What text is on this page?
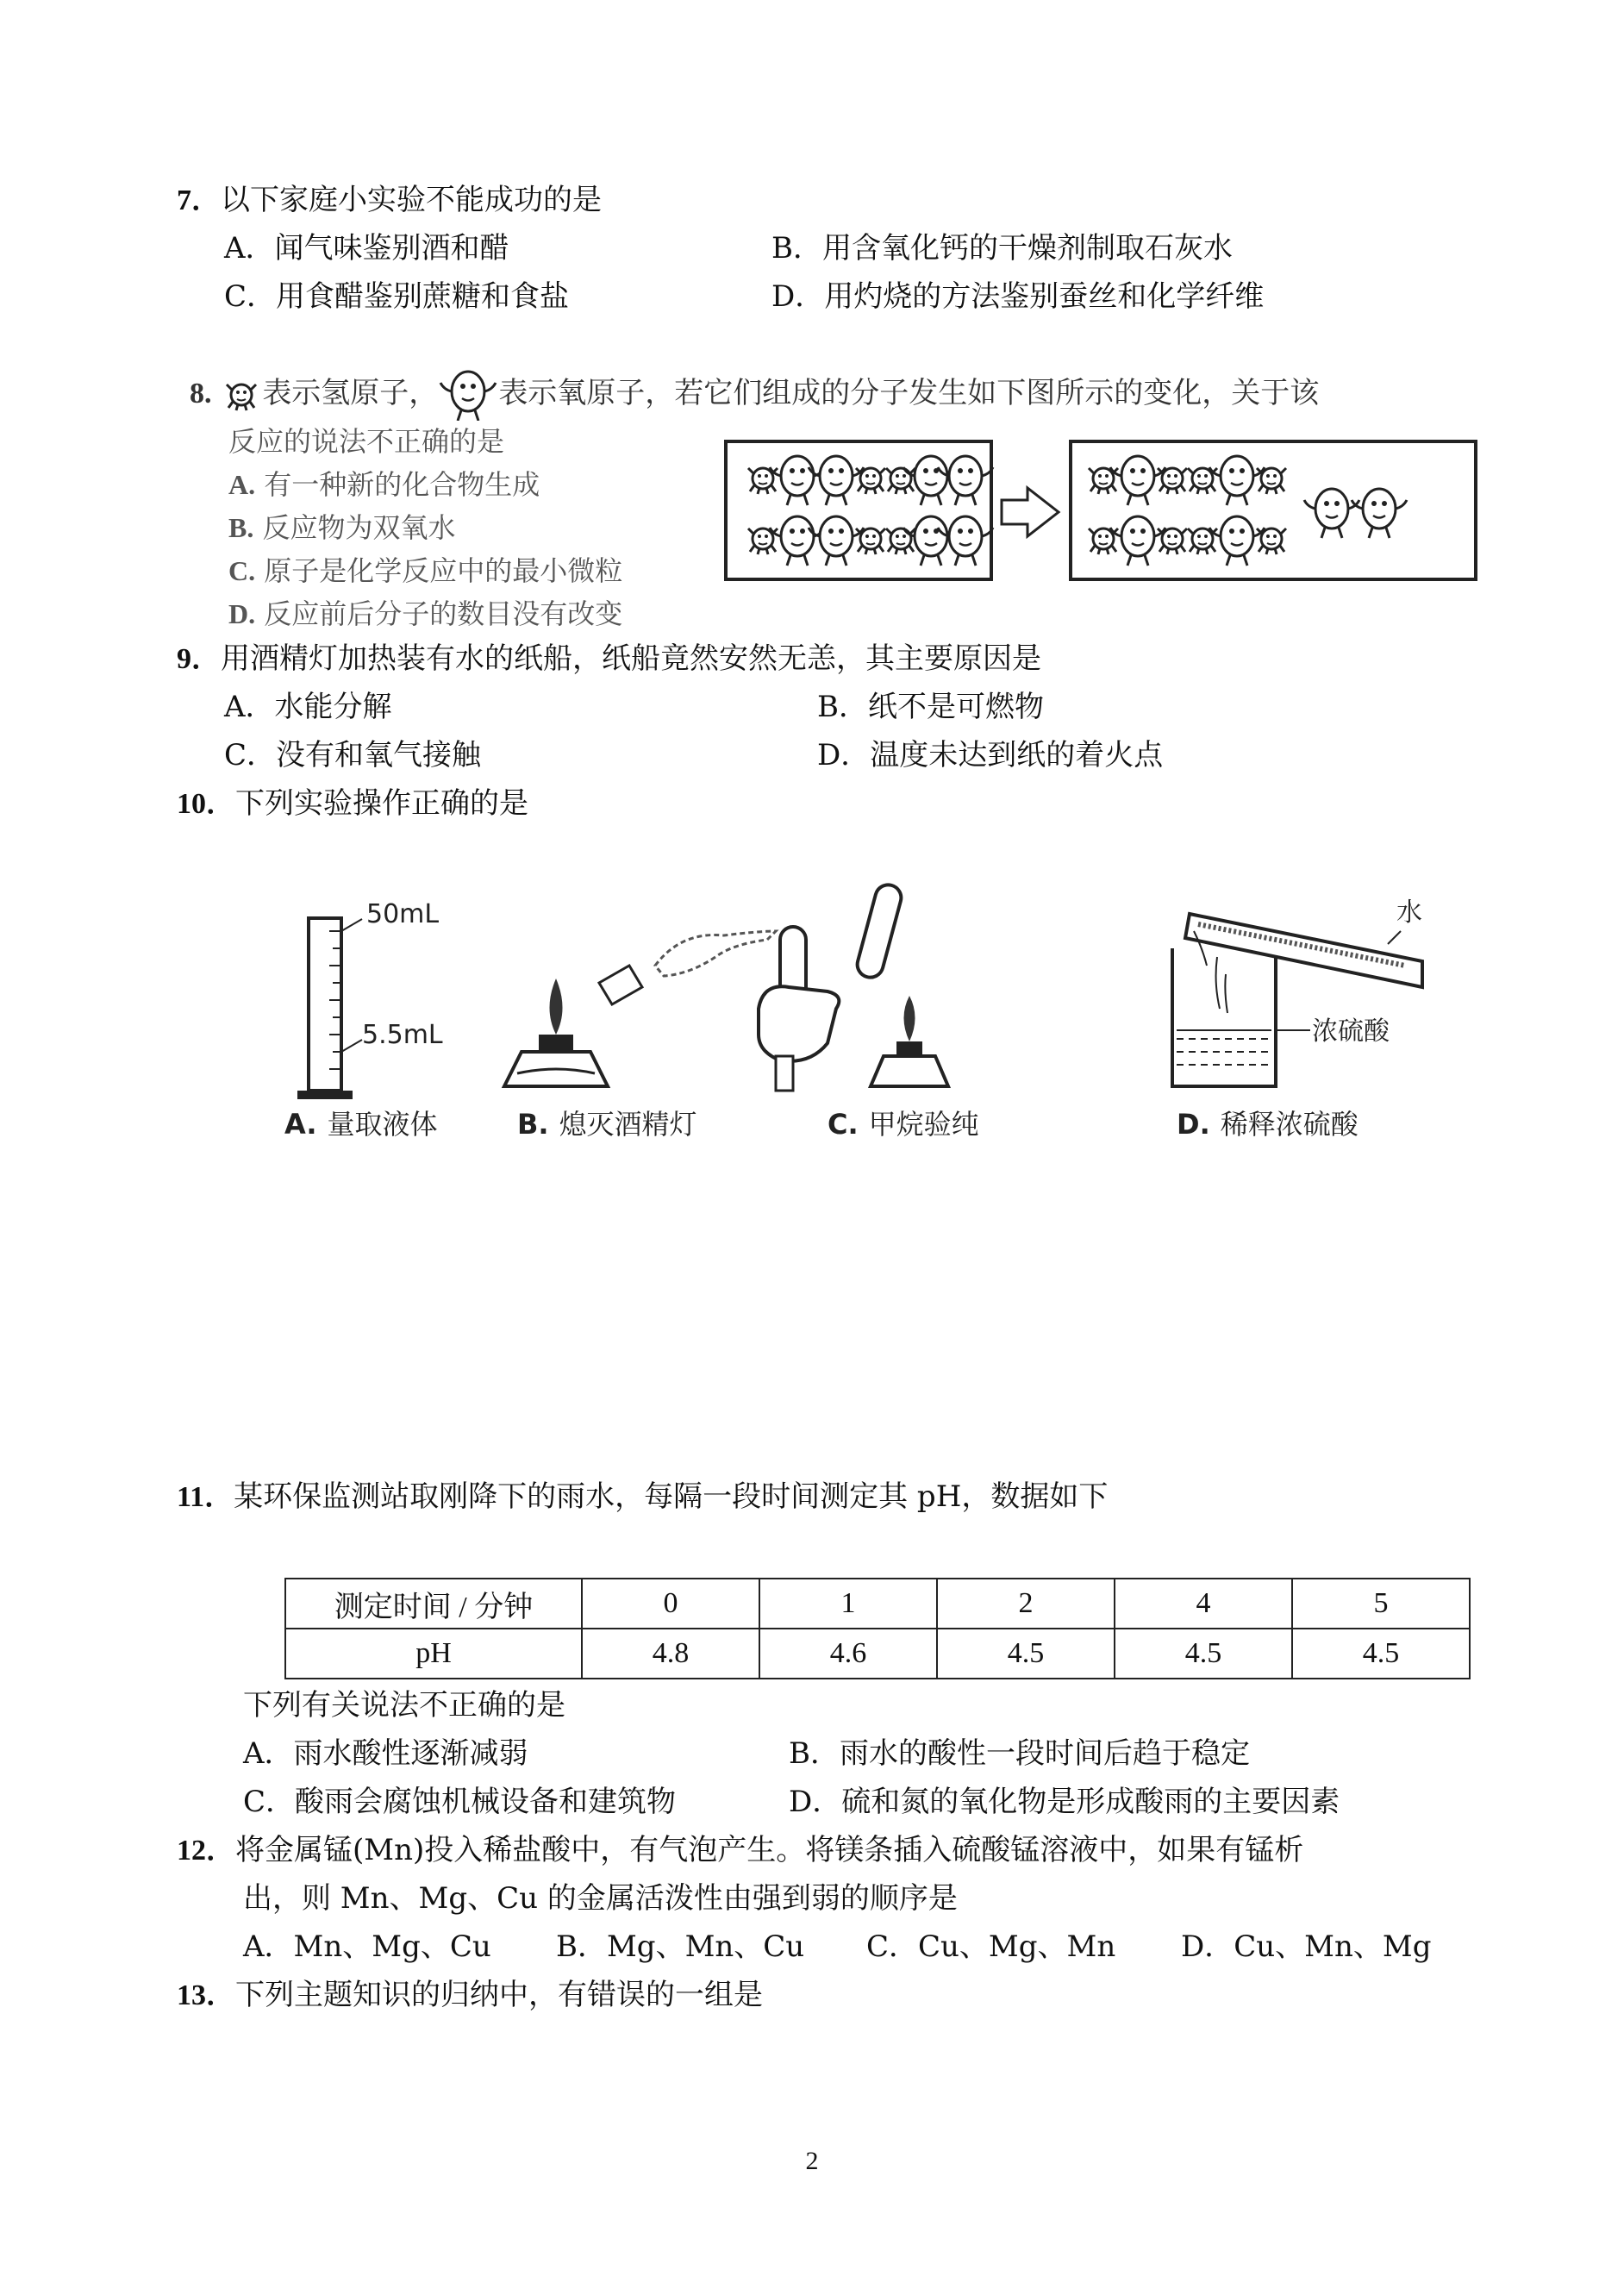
7．以下家庭小实验不能成功的是
A．闻气味鉴别酒和醋	B．用含氧化钙的干燥剂制取石灰水
C．用食醋鉴别蔗糖和食盐	D．用灼烧的方法鉴别蚕丝和化学纤维
8. 表示氢原子， 表示氧原子，若它们组成的分子发生如下图所示的变化，关于该
反应的说法不正确的是
A. 有一种新的化合物生成
B. 反应物为双氧水
C. 原子是化学反应中的最小微粒
D. 反应前后分子的数目没有改变
9．用酒精灯加热装有水的纸船，纸船竟然安然无恙，其主要原因是
A．水能分解	B．纸不是可燃物
C．没有和氧气接触	D．温度未达到纸的着火点
10．下列实验操作正确的是
50mL
5.5mL
水
浓硫酸
A. 量取液体	B. 熄灭酒精灯	C. 甲烷验纯	D. 稀释浓硫酸
11．某环保监测站取刚降下的雨水，每隔一段时间测定其 pH，数据如下
测定时间 / 分钟	0	1	2	4	5
pH	4.8	4.6	4.5	4.5	4.5
下列有关说法不正确的是
A．雨水酸性逐渐减弱	B．雨水的酸性一段时间后趋于稳定
C．酸雨会腐蚀机械设备和建筑物	D．硫和氮的氧化物是形成酸雨的主要因素
12．将金属锰(Mn)投入稀盐酸中，有气泡产生。将镁条插入硫酸锰溶液中，如果有锰析
出，则 Mn、Mg、Cu 的金属活泼性由强到弱的顺序是
A．Mn、Mg、Cu B．Mg、Mn、Cu C．Cu、Mg、Mn D．Cu、Mn、Mg
13．下列主题知识的归纳中，有错误的一组是
2
